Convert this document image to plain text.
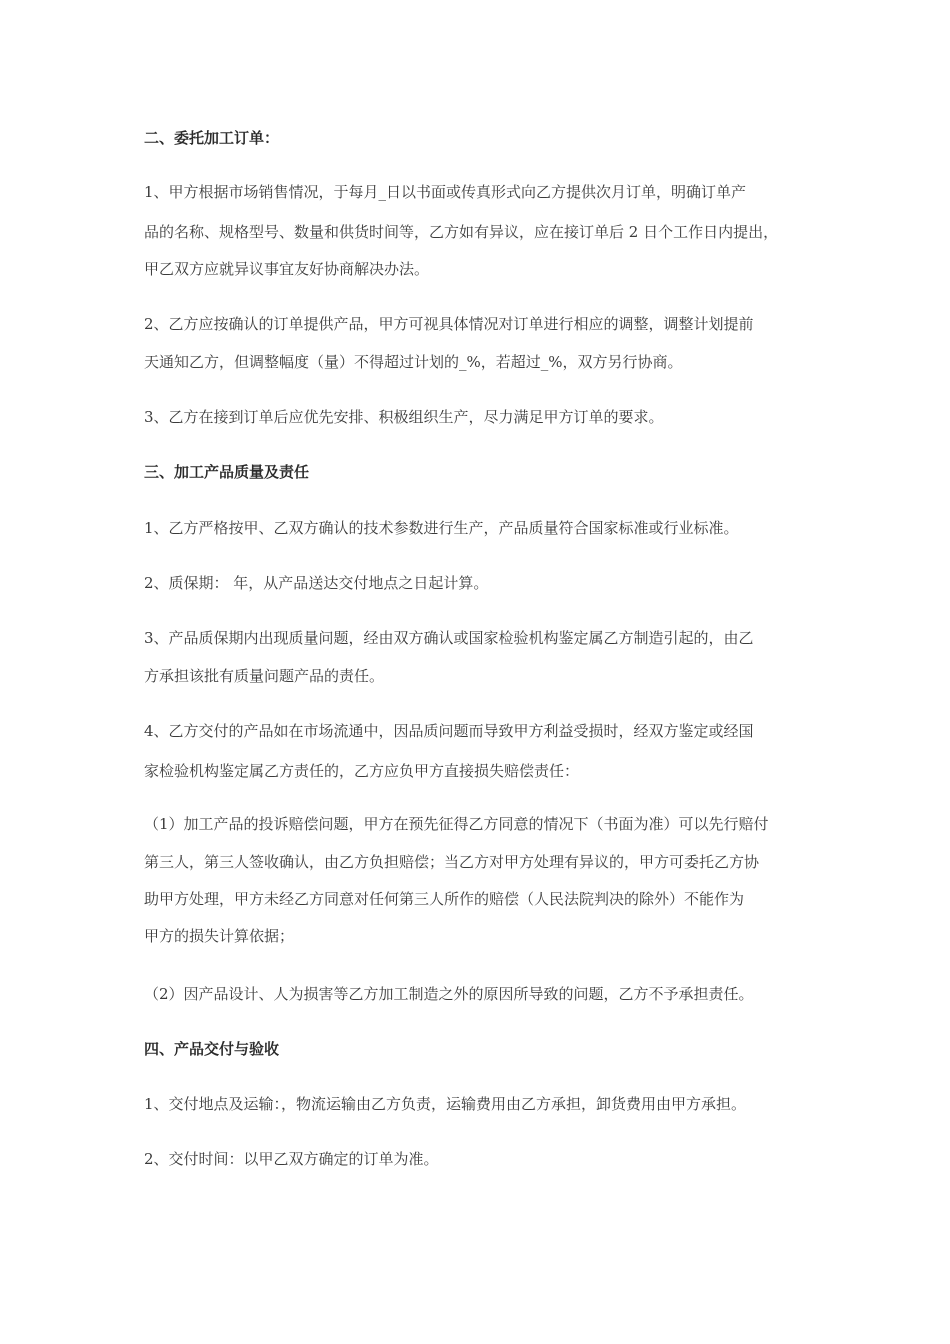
二、委托加工订单：
1、甲方根据市场销售情况，于每月_日以书面或传真形式向乙方提供次月订单，明确订单产
品的名称、规格型号、数量和供货时间等，乙方如有异议，应在接订单后 2 日个工作日内提出，
甲乙双方应就异议事宜友好协商解决办法。
2、乙方应按确认的订单提供产品，甲方可视具体情况对订单进行相应的调整，调整计划提前
天通知乙方，但调整幅度（量）不得超过计划的_%，若超过_%，双方另行协商。
3、乙方在接到订单后应优先安排、积极组织生产，尽力满足甲方订单的要求。
三、加工产品质量及责任
1、乙方严格按甲、乙双方确认的技术参数进行生产，产品质量符合国家标准或行业标准。
2、质保期： 年，从产品送达交付地点之日起计算。
3、产品质保期内出现质量问题，经由双方确认或国家检验机构鉴定属乙方制造引起的，由乙
方承担该批有质量问题产品的责任。
4、乙方交付的产品如在市场流通中，因品质问题而导致甲方利益受损时，经双方鉴定或经国
家检验机构鉴定属乙方责任的，乙方应负甲方直接损失赔偿责任：
（1）加工产品的投诉赔偿问题，甲方在预先征得乙方同意的情况下（书面为准）可以先行赔付
第三人，第三人签收确认，由乙方负担赔偿；当乙方对甲方处理有异议的，甲方可委托乙方协
助甲方处理，甲方未经乙方同意对任何第三人所作的赔偿（人民法院判决的除外）不能作为
甲方的损失计算依据；
（2）因产品设计、人为损害等乙方加工制造之外的原因所导致的问题，乙方不予承担责任。
四、产品交付与验收
1、交付地点及运输：，物流运输由乙方负责，运输费用由乙方承担，卸货费用由甲方承担。
2、交付时间：以甲乙双方确定的订单为准。
